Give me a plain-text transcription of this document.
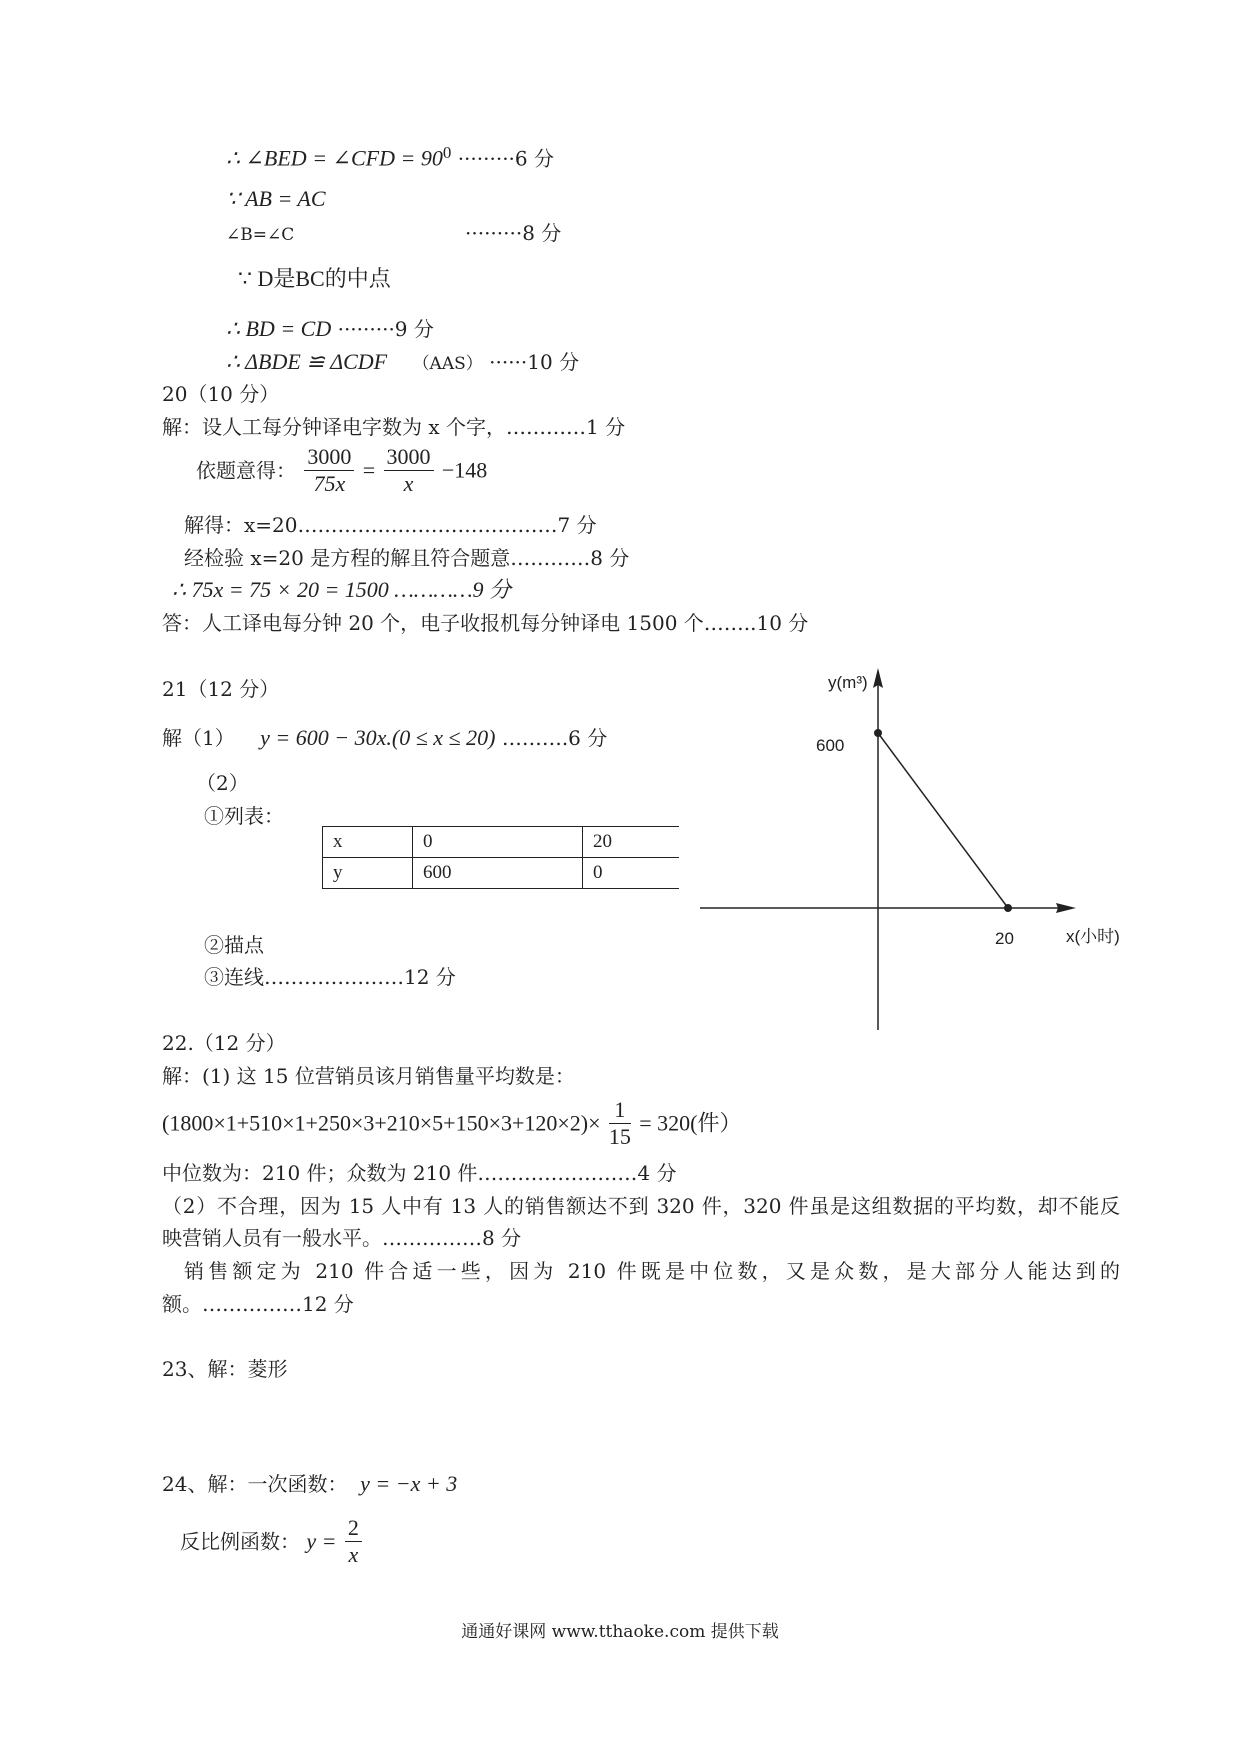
∴ ∠BED = ∠CFD = $90^0 \cdot\cdot\cdot\cdot\cdot\cdot\cdot\cdot\cdot 6$ 分
∵ AB = AC
∠B=∠C	·········8 分
∵ D是BC的中点
∴ BD = CD ·········9 分
∴ ΔBDE ≌ ΔCDF （AAS） ······10 分
20（10 分）
解：设人工每分钟译电字数为 x 个字，…………1 分
依题意得： $\frac{3000}{75x} = \frac{3000}{x} -148$
解得：x=20…………………………………7 分
经检验 x=20 是方程的解且符合题意…………8 分
∴ 75x = 75 × 20 = 1500 …………9 分
答：人工译电每分钟 20 个，电子收报机每分钟译电 1500 个……..10 分
21（12 分）
解（1） y = 600 − 30x.(0 ≤ x ≤ 20) ……….6 分
（2）
①列表：
x	0	20
y	600	0
②描点
③连线…………………12 分
y(m³)
x(小时)
600
20
22.（12 分）
解：(1) 这 15 位营销员该月销售量平均数是：
$(1800\times 1+510\times 1+250\times 3+210\times 5+150\times 3+120\times 2)\times \frac{1}{15} = 320$(件）
中位数为：210 件；众数为 210 件……………………4 分
（2）不合理，因为 15 人中有 13 人的销售额达不到 320 件，320 件虽是这组数据的平均数，却不能反
映营销人员有一般水平。……………8 分
销售额定为 210 件合适一些，因为 210 件既是中位数，又是众数，是大部分人能达到的
额。……………12 分
23、解：菱形
24、解：一次函数： y = −x + 3
反比例函数： $y = \frac{2}{x}$
通通好课网 www.tthaoke.com 提供下载
